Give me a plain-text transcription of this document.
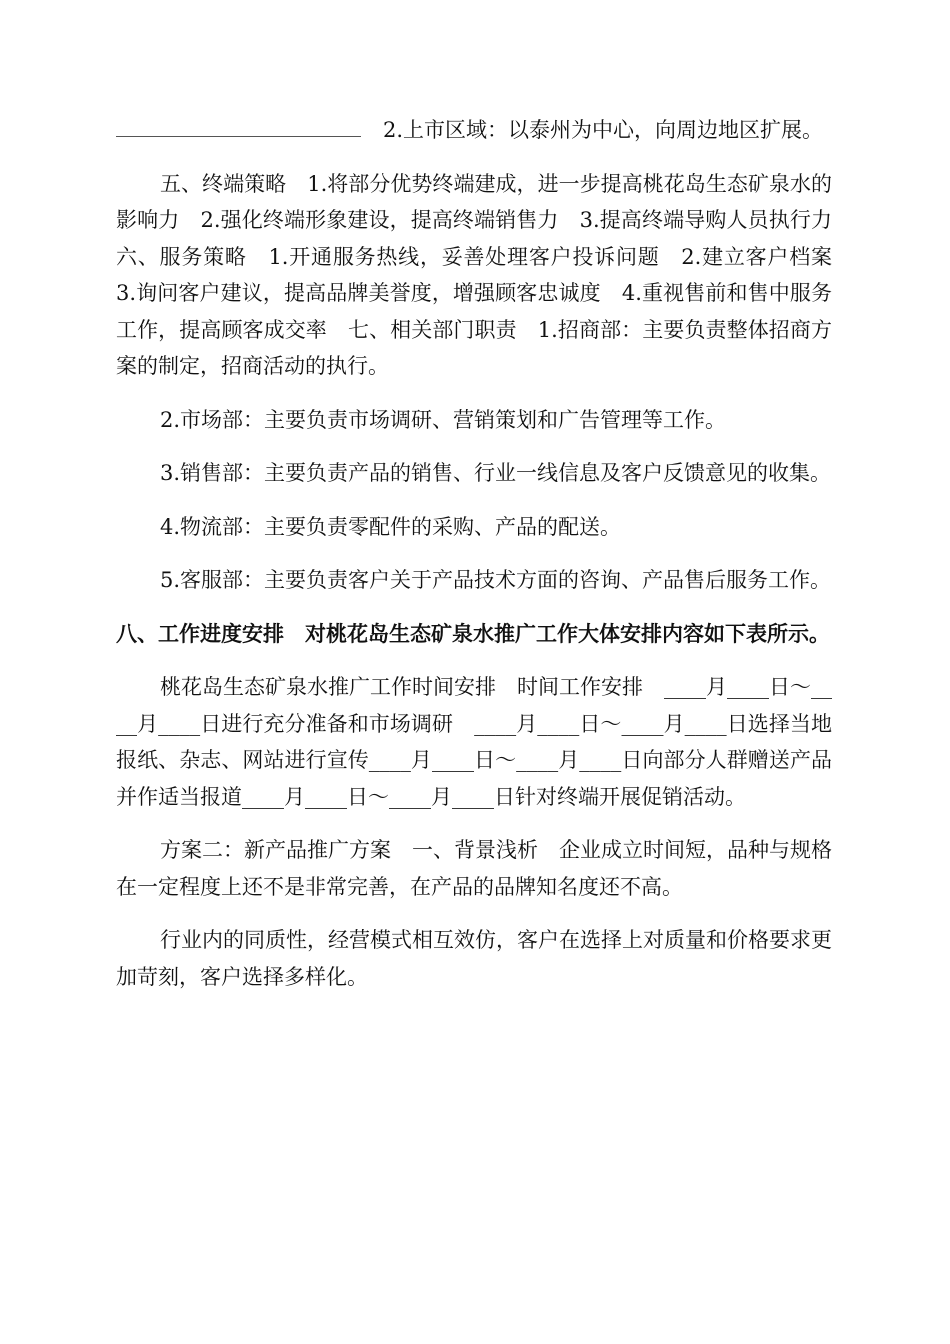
2.上市区域：以泰州为中心，向周边地区扩展。

五、终端策略　1.将部分优势终端建成，进一步提高桃花岛生态矿泉水的影响力　2.强化终端形象建设，提高终端销售力　3.提高终端导购人员执行力　六、服务策略　1.开通服务热线，妥善处理客户投诉问题　2.建立客户档案　3.询问客户建议，提高品牌美誉度，增强顾客忠诚度　4.重视售前和售中服务工作，提高顾客成交率　七、相关部门职责　1.招商部：主要负责整体招商方案的制定，招商活动的执行。

2.市场部：主要负责市场调研、营销策划和广告管理等工作。

3.销售部：主要负责产品的销售、行业一线信息及客户反馈意见的收集。

4.物流部：主要负责零配件的采购、产品的配送。

5.客服部：主要负责客户关于产品技术方面的咨询、产品售后服务工作。

八、工作进度安排　对桃花岛生态矿泉水推广工作大体安排内容如下表所示。

桃花岛生态矿泉水推广工作时间安排　时间工作安排　____月____日～____月____日进行充分准备和市场调研　____月____日～____月____日选择当地报纸、杂志、网站进行宣传____月____日～____月____日向部分人群赠送产品并作适当报道____月____日～____月____日针对终端开展促销活动。

方案二：新产品推广方案　一、背景浅析　企业成立时间短，品种与规格在一定程度上还不是非常完善，在产品的品牌知名度还不高。

行业内的同质性，经营模式相互效仿，客户在选择上对质量和价格要求更加苛刻，客户选择多样化。
